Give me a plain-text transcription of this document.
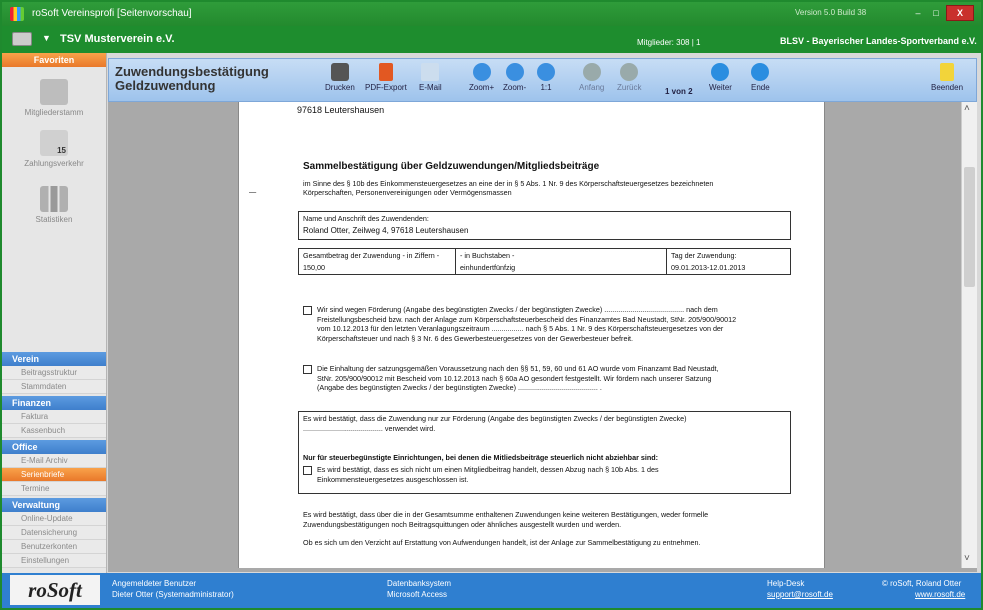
roSoft Vereinsprofi [Seitenvorschau]	Version 5.0 Build 38	–	□	X
▼ TSV Musterverein e.V.	Mitglieder: 308 | 1	BLSV - Bayerischer Landes-Sportverband e.V.
Favoriten
Mitgliederstamm
15
Zahlungsverkehr
Statistiken
Verein
Beitragsstruktur
Stammdaten
Finanzen
Faktura
Kassenbuch
Office
E-Mail Archiv
Serienbriefe
Termine
Verwaltung
Online-Update
Datensicherung
Benutzerkonten
Einstellungen
Zuwendungsbestätigung
Geldzuwendung	Drucken PDF-Export E-Mail	Zoom+ Zoom-	1:1	Anfang Zurück	1 von 2 Weiter Ende	Beenden
97618 Leutershausen
—
Sammelbestätigung über Geldzuwendungen/Mitgliedsbeiträge
im Sinne des § 10b des Einkommensteuergesetzes an eine der in § 5 Abs. 1 Nr. 9 des Körperschaftsteuergesetzes bezeichneten
Körperschaften, Personenvereinigungen oder Vermögensmassen
Name und Anschrift des Zuwendenden:
Roland Otter, Zeilweg 4, 97618 Leutershausen
Gesamtbetrag der Zuwendung - in Ziffern -
150,00
- in Buchstaben -
einhundertfünfzig
Tag der Zuwendung:
09.01.2013-12.01.2013
Wir sind wegen Förderung (Angabe des begünstigten Zwecks / der begünstigten Zwecke) ........................................ nach dem
Freistellungsbescheid bzw. nach der Anlage zum Körperschaftsteuerbescheid des Finanzamtes Bad Neustadt, StNr. 205/900/90012
vom 10.12.2013 für den letzten Veranlagungszeitraum ................ nach § 5 Abs. 1 Nr. 9 des Körperschaftsteuergesetzes von der
Körperschaftsteuer und nach § 3 Nr. 6 des Gewerbesteuergesetzes von der Gewerbesteuer befreit.
Die Einhaltung der satzungsgemäßen Voraussetzung nach den §§ 51, 59, 60 und 61 AO wurde vom Finanzamt Bad Neustadt,
StNr. 205/900/90012 mit Bescheid vom 10.12.2013 nach § 60a AO gesondert festgestellt. Wir fördern nach unserer Satzung
(Angabe des begünstigten Zwecks / der begünstigten Zwecke) ........................................ .
Es wird bestätigt, dass die Zuwendung nur zur Förderung (Angabe des begünstigten Zwecks / der begünstigten Zwecke)
........................................ verwendet wird.
Nur für steuerbegünstigte Einrichtungen, bei denen die Mitliedsbeiträge steuerlich nicht abziehbar sind:
Es wird bestätigt, dass es sich nicht um einen Mitgliedbeitrag handelt, dessen Abzug nach § 10b Abs. 1 des
Einkommensteuergesetzes ausgeschlossen ist.
Es wird bestätigt, dass über die in der Gesamtsumme enthaltenen Zuwendungen keine weiteren Bestätigungen, weder formelle
Zuwendungsbestätigungen noch Beitragsquittungen oder ähnliches ausgestellt wurden und werden.
Ob es sich um den Verzicht auf Erstattung von Aufwendungen handelt, ist der Anlage zur Sammelbestätigung zu entnehmen.
˄
˅
roSoft	Angemeldeter Benutzer
Dieter Otter (Systemadministrator)
Datenbanksystem
Microsoft Access
Help-Desk
support@rosoft.de
© roSoft, Roland Otter
www.rosoft.de
